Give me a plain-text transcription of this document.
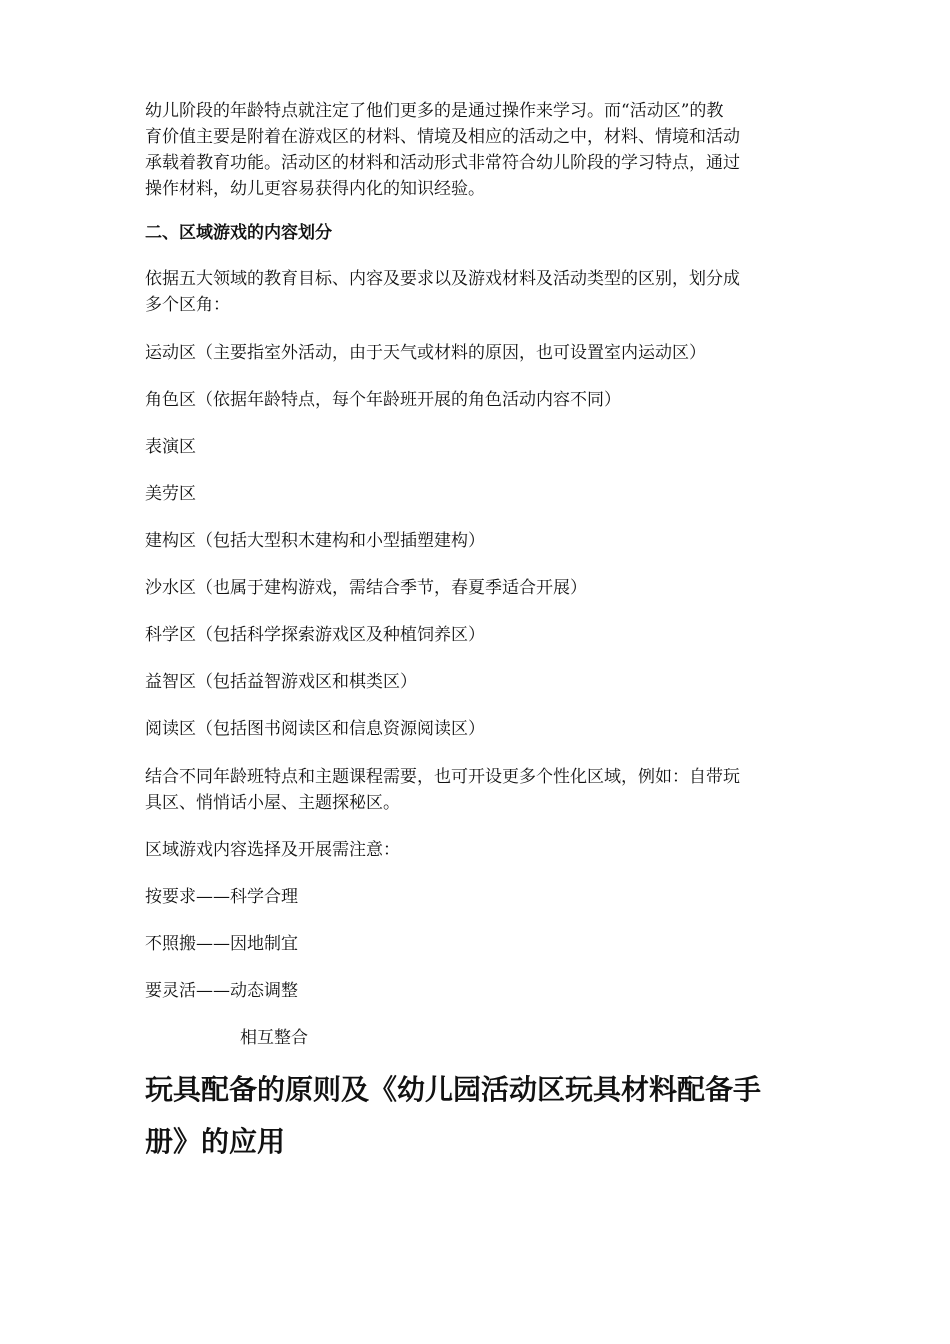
幼儿阶段的年龄特点就注定了他们更多的是通过操作来学习。而“活动区”的教
育价值主要是附着在游戏区的材料、情境及相应的活动之中，材料、情境和活动
承载着教育功能。活动区的材料和活动形式非常符合幼儿阶段的学习特点，通过
操作材料，幼儿更容易获得内化的知识经验。
二、区域游戏的内容划分
依据五大领域的教育目标、内容及要求以及游戏材料及活动类型的区别，划分成
多个区角：

运动区（主要指室外活动，由于天气或材料的原因，也可设置室内运动区）

角色区（依据年龄特点，每个年龄班开展的角色活动内容不同）

表演区

美劳区

建构区（包括大型积木建构和小型插塑建构）

沙水区（也属于建构游戏，需结合季节，春夏季适合开展）

科学区（包括科学探索游戏区及种植饲养区）

益智区（包括益智游戏区和棋类区）

阅读区（包括图书阅读区和信息资源阅读区）

结合不同年龄班特点和主题课程需要，也可开设更多个性化区域，例如：自带玩
具区、悄悄话小屋、主题探秘区。

区域游戏内容选择及开展需注意：

按要求——科学合理

不照搬——因地制宜

要灵活——动态调整

相互整合

玩具配备的原则及《幼儿园活动区玩具材料配备手
册》的应用
